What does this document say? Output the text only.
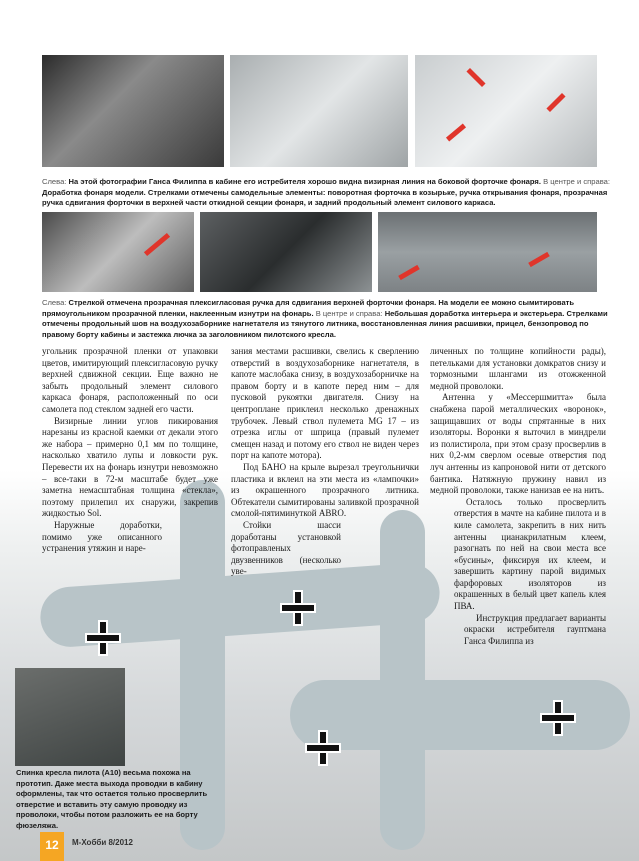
Слева: На этой фотографии Ганса Филиппа в кабине его истребителя хорошо видна визирная линия на боковой форточке фонаря. В центре и справа: Доработка фонаря модели. Стрелками отмечены самодельные элементы: поворотная форточка в козырьке, ручка открывания фонаря, прозрачная ручка сдвигания форточки в верхней части откидной секции фонаря, и задний продольный элемент силового каркаса.
Слева: Стрелкой отмечена прозрачная плексигласовая ручка для сдвигания верхней форточки фонаря. На модели ее можно сымитировать прямоугольником прозрачной пленки, наклеенным изнутри на фонарь. В центре и справа: Небольшая доработка интерьера и экстерьера. Стрелками отмечены продольный шов на воздухозаборнике нагнетателя из тянутого литника, восстановленная линия расшивки, прицел, бензопровод по правому борту кабины и застежка лючка за заголовником пилотского кресла.

угольник прозрачной пленки от упаковки цветов, имитирующий плексигласовую ручку верхней сдвижной секции. Еще важно не забыть продольный элемент силового каркаса фонаря, расположенный по оси самолета под стеклом задней его части.

Визирные линии углов пикирования нарезаны из красной каемки от декали этого же набора – примерно 0,1 мм по толщине, насколько хватило лупы и ловкости рук. Перевести их на фонарь изнутри невозможно – все-таки в 72-м масштабе будет уже заметна немасштабная толщина «стекла», поэтому прилепил их снаружи, закрепив жидкостью Sol.

Наружные доработки, помимо уже описанного устранения утяжин и наре-

зания местами расшивки, свелись к сверлению отверстий в воздухозаборнике нагнетателя, в капоте маслобака снизу, в воздухозаборничке на правом борту и в капоте перед ним – для пусковой рукоятки двигателя. Снизу на центроплане приклеил несколько дренажных трубочек. Левый ствол пулемета MG 17 – из отрезка иглы от шприца (правый пулемет смещен назад и потому его ствол не виден через порт на капоте мотора).

Под БАНО на крыле вырезал треугольнички пластика и вклеил на эти места из «лампочки» из окрашенного прозрачного литника. Обтекатели сымитированы заливкой прозрачной смолой-пятиминуткой ABRO.

Стойки шасси доработаны установкой фотоправленых двузвенников (несколько уве-

личенных по толщине копийности рады), петельками для установки домкратов снизу и тормозными шлангами из отожженной медной проволоки.

Антенна у «Мессершмитта» была снабжена парой металлических «воронок», защищавших от воды спрятанные в них изоляторы. Воронки я выточил в миндрели из полистирола, при этом сразу просверлив в них 0,2-мм сверлом осевые отверстия под луч антенны из капроновой нити от детского бантика. Натяжную пружину навил из медной проволоки, также нанизав ее на нить.

Осталось только просверлить отверстия в мачте на кабине пилота и в киле самолета, закрепить в них нить антенны цианакрилатным клеем, разогнать по ней на свои места все «бусины», фиксируя их клеем, и завершить картину парой видимых фарфоровых изоляторов из окрашенных в белый цвет капель клея ПВА.

Инструкция предлагает варианты окраски истребителя гауптмана Ганса Филиппа из

Спинка кресла пилота (А10) весьма похожа на прототип. Даже места выхода проводки в кабину оформлены, так что остается только просверлить отверстие и вставить эту самую проводку из проволоки, чтобы потом разложить ее на борту фюзеляжа.
12	М-Хобби 8/2012
